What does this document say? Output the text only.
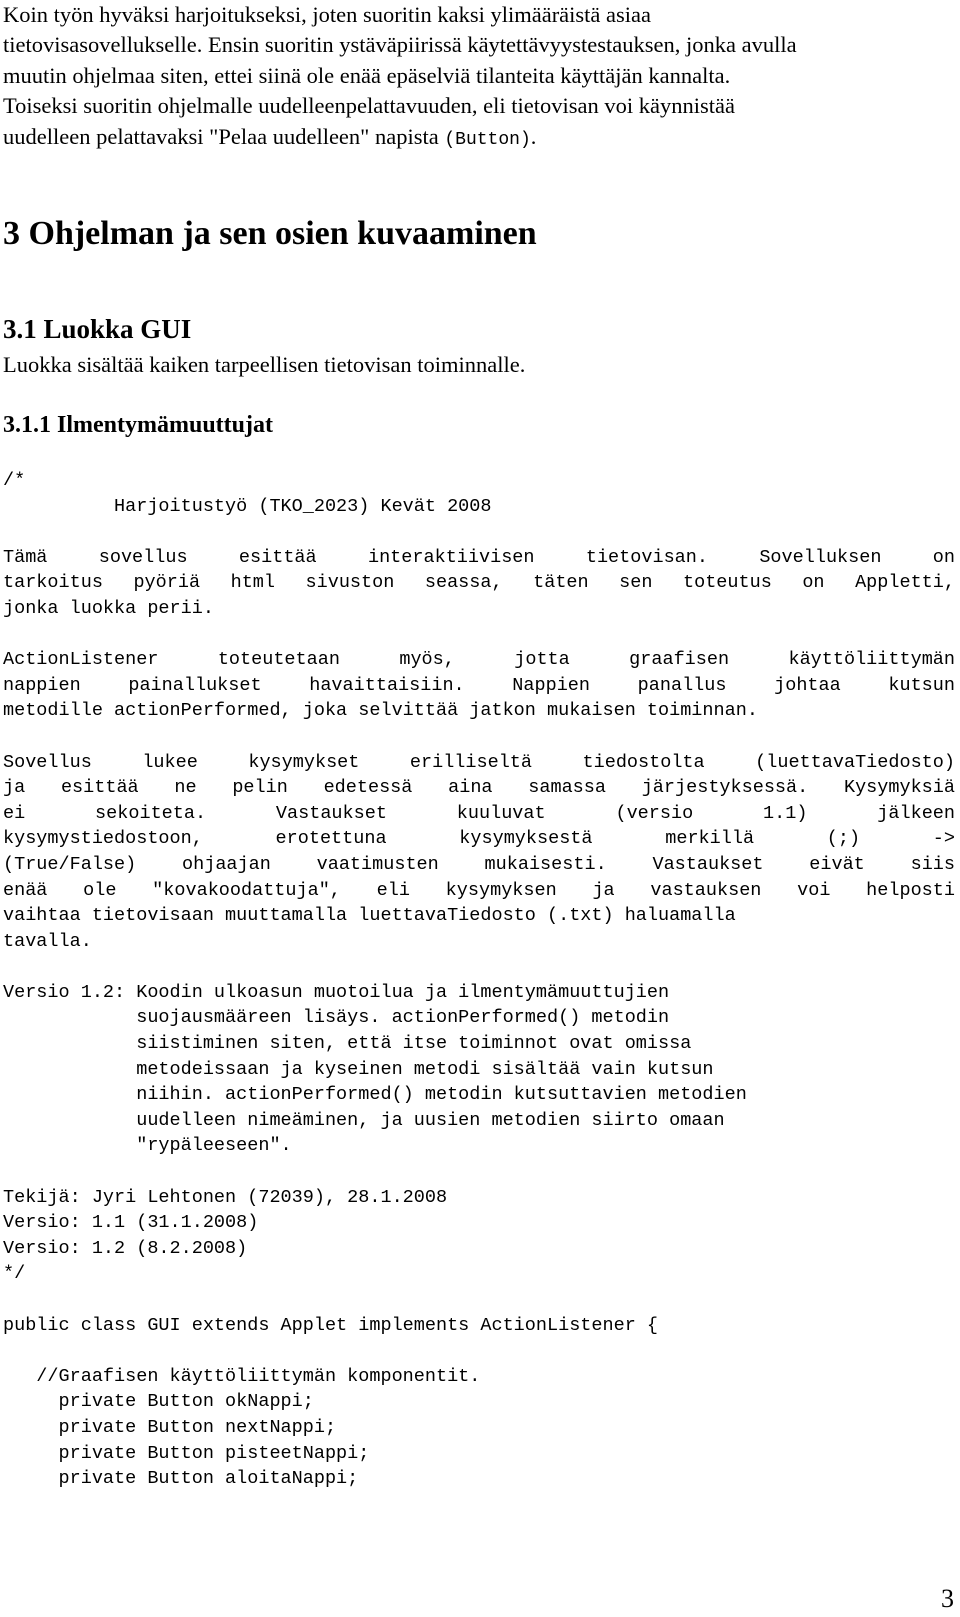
Koin työn hyväksi harjoitukseksi, joten suoritin kaksi ylimääräistä asiaa
tietovisasovellukselle. Ensin suoritin ystäväpiirissä käytettävyystestauksen, jonka avulla
muutin ohjelmaa siten, ettei siinä ole enää epäselviä tilanteita käyttäjän kannalta.
Toiseksi suoritin ohjelmalle uudelleenpelattavuuden, eli tietovisan voi käynnistää
uudelleen pelattavaksi "Pelaa uudelleen" napista (Button).
3 Ohjelman ja sen osien kuvaaminen
3.1 Luokka GUI

Luokka sisältää kaiken tarpeellisen tietovisan toiminnalle.

3.1.1 Ilmentymämuuttujat
/*
Harjoitustyö (TKO_2023) Kevät 2008
Tämä sovellus esittää interaktiivisen tietovisan. Sovelluksen on
tarkoitus pyöriä html sivuston seassa, täten sen toteutus on Appletti,
jonka luokka perii.
ActionListener toteutetaan myös, jotta graafisen käyttöliittymän
nappien painallukset havaittaisiin. Nappien panallus johtaa kutsun
metodille actionPerformed, joka selvittää jatkon mukaisen toiminnan.
Sovellus lukee kysymykset erilliseltä tiedostolta (luettavaTiedosto)
ja esittää ne pelin edetessä aina samassa järjestyksessä. Kysymyksiä
ei sekoiteta. Vastaukset kuuluvat (versio 1.1) jälkeen
kysymystiedostoon, erotettuna kysymyksestä merkillä (;) ->
(True/False) ohjaajan vaatimusten mukaisesti. Vastaukset eivät siis
enää ole "kovakoodattuja", eli kysymyksen ja vastauksen voi helposti
vaihtaa tietovisaan muuttamalla luettavaTiedosto (.txt) haluamalla
tavalla.
Versio 1.2: Koodin ulkoasun muotoilua ja ilmentymämuuttujien
suojausmääreen lisäys. actionPerformed() metodin
siistiminen siten, että itse toiminnot ovat omissa
metodeissaan ja kyseinen metodi sisältää vain kutsun
niihin. actionPerformed() metodin kutsuttavien metodien
uudelleen nimeäminen, ja uusien metodien siirto omaan
"rypäleeseen".
Tekijä: Jyri Lehtonen (72039), 28.1.2008
Versio: 1.1 (31.1.2008)
Versio: 1.2 (8.2.2008)
*/
public class GUI extends Applet implements ActionListener {
//Graafisen käyttöliittymän komponentit.
private Button okNappi;
private Button nextNappi;
private Button pisteetNappi;
private Button aloitaNappi;

3
